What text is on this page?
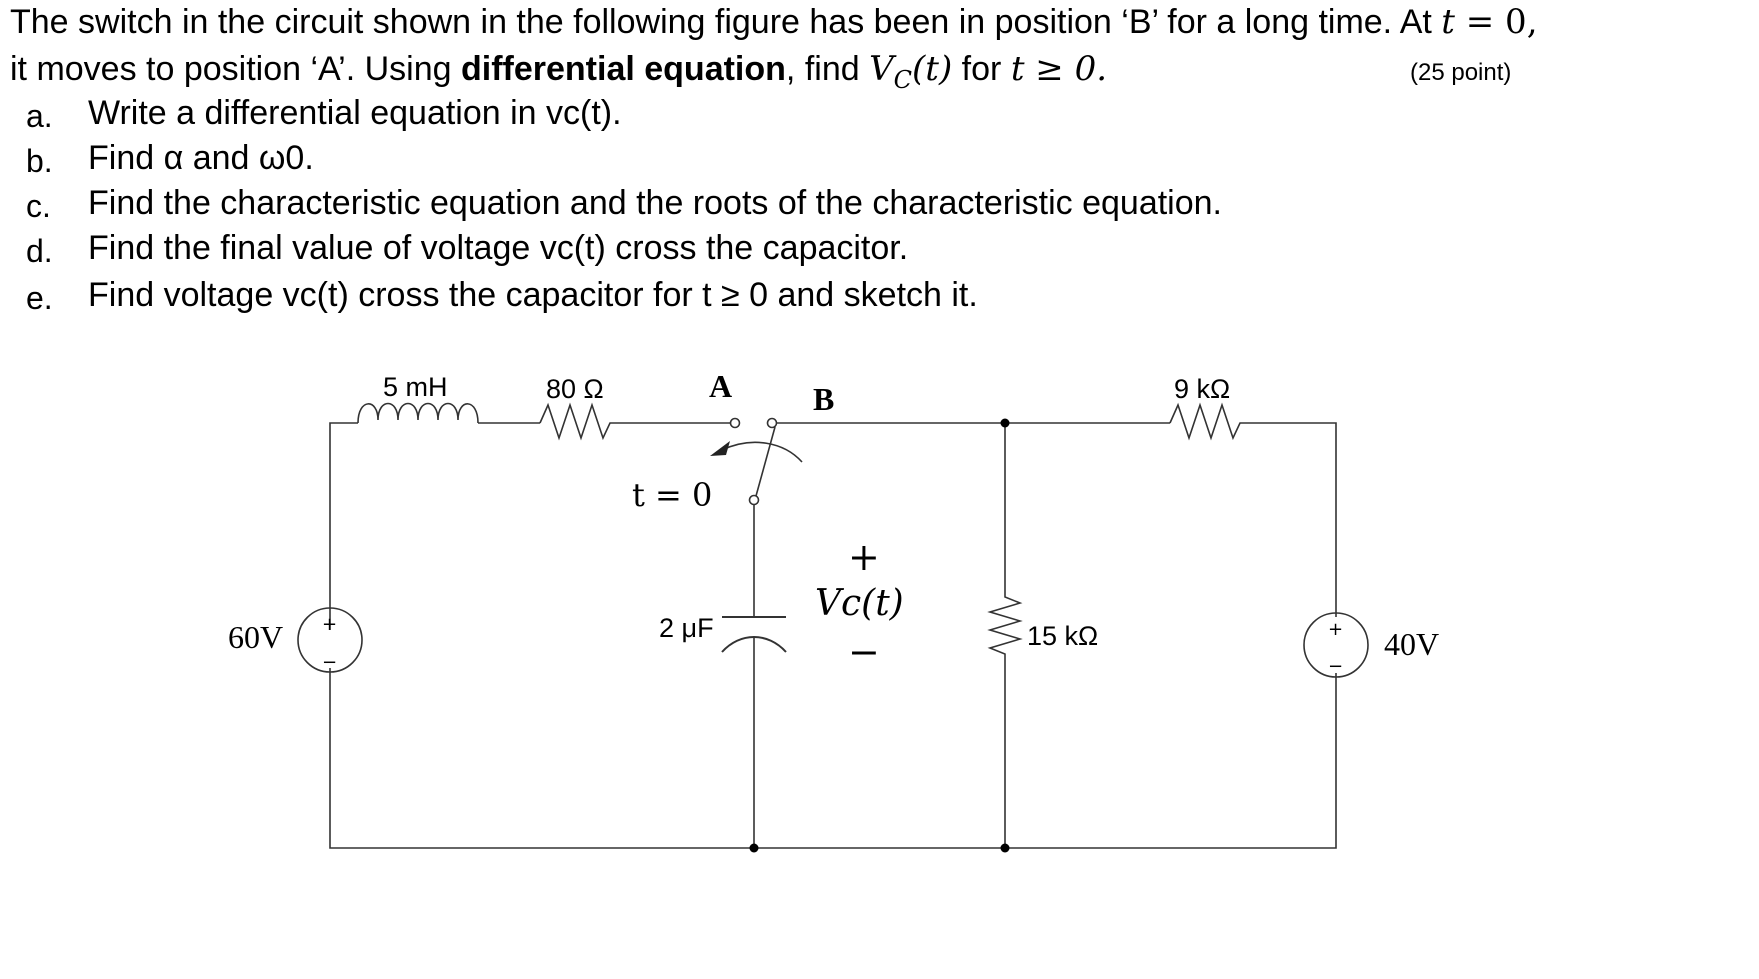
The switch in the circuit shown in the following figure has been in position ‘B’ for a long time. At t = 0,
it moves to position ‘A’. Using differential equation, find $V_C(t)$ for t ≥ 0.	(25 point)
a. Write a differential equation in vc(t).
b. Find α and ω0.
c. Find the characteristic equation and the roots of the characteristic equation.
d. Find the final value of voltage vc(t) cross the capacitor.
e. Find voltage vc(t) cross the capacitor for t ≥ 0 and sketch it.
5 mH	80 Ω	A	B
t = 0
2 μF
+
Vc(t)
−	15 kΩ
9 kΩ
60V	40V
+
−
+
−
